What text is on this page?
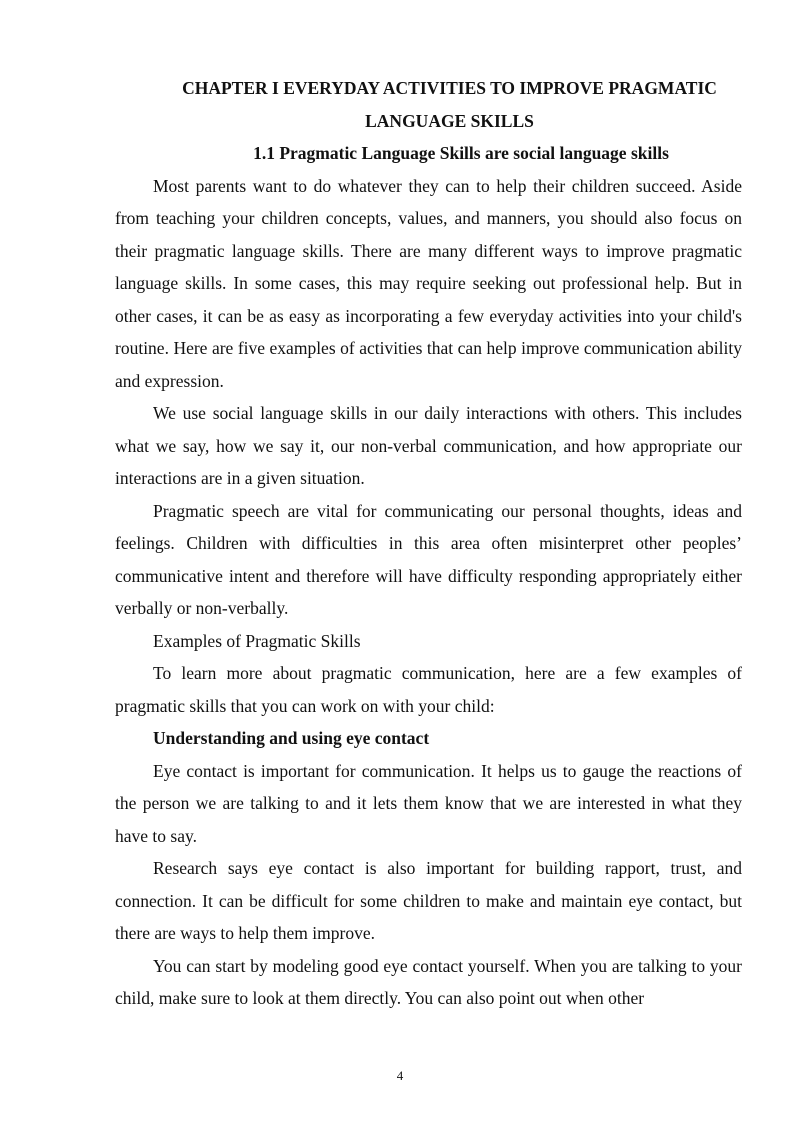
CHAPTER I EVERYDAY ACTIVITIES TO IMPROVE PRAGMATIC
LANGUAGE SKILLS
1.1 Pragmatic Language Skills are social language skills

Most parents want to do whatever they can to help their children succeed. Aside from teaching your children concepts, values, and manners, you should also focus on their pragmatic language skills. There are many different ways to improve pragmatic language skills. In some cases, this may require seeking out professional help. But in other cases, it can be as easy as incorporating a few everyday activities into your child's routine. Here are five examples of activities that can help improve communication ability and expression.

We use social language skills in our daily interactions with others. This includes what we say, how we say it, our non-verbal communication, and how appropriate our interactions are in a given situation.

Pragmatic speech are vital for communicating our personal thoughts, ideas and feelings. Children with difficulties in this area often misinterpret other peoples’ communicative intent and therefore will have difficulty responding appropriately either verbally or non-verbally.

Examples of Pragmatic Skills

To learn more about pragmatic communication, here are a few examples of pragmatic skills that you can work on with your child:

Understanding and using eye contact

Eye contact is important for communication. It helps us to gauge the reactions of the person we are talking to and it lets them know that we are interested in what they have to say.

Research says eye contact is also important for building rapport, trust, and connection. It can be difficult for some children to make and maintain eye contact, but there are ways to help them improve.

You can start by modeling good eye contact yourself. When you are talking to your child, make sure to look at them directly. You can also point out when other

4
